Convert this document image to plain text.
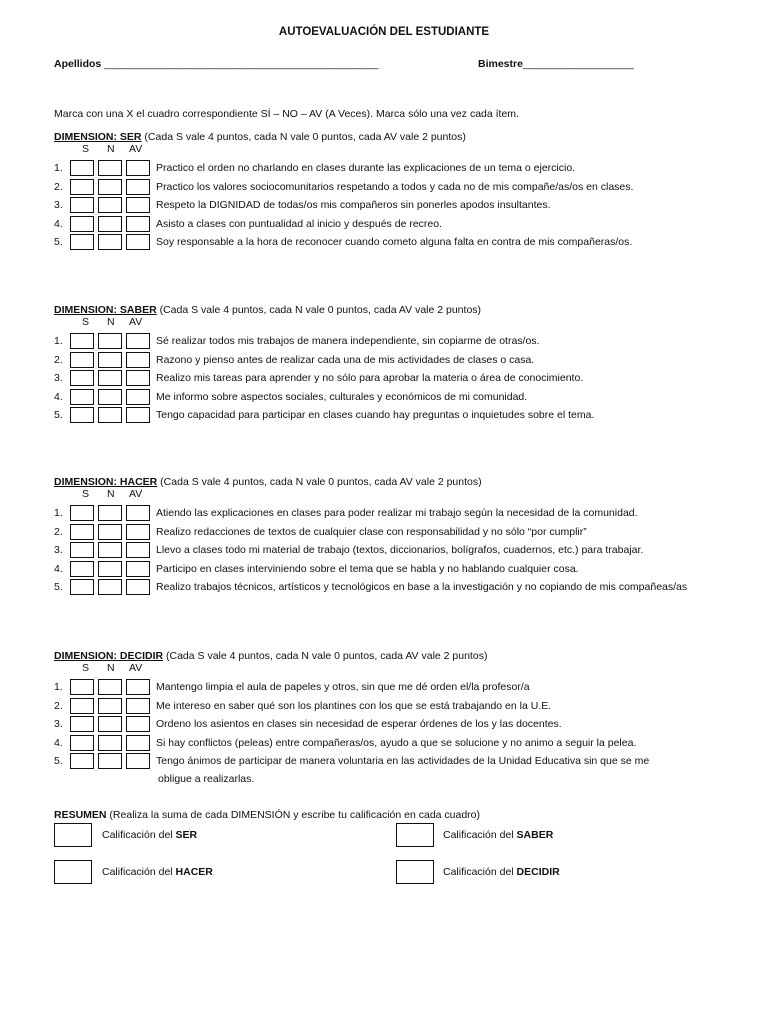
AUTOEVALUACIÓN DEL ESTUDIANTE
Apellidos _______________________________________________	Bimestre___________________
Marca con una X el cuadro correspondiente SÍ – NO – AV (A Veces). Marca sólo una vez cada ítem.
DIMENSION: SER (Cada S vale 4 puntos, cada N vale 0 puntos, cada AV vale 2 puntos)
S N AV
1.	Practico el orden no charlando en clases durante las explicaciones de un tema o ejercicio.
2.	Practico los valores sociocomunitarios respetando a todos y cada no de mis compañe/as/os en clases.
3.	Respeto la DIGNIDAD de todas/os mis compañeros sin ponerles apodos insultantes.
4.	Asisto a clases con puntualidad al inicio y después de recreo.
5.	Soy responsable a la hora de reconocer cuando cometo alguna falta en contra de mis compañeras/os.
DIMENSION: SABER (Cada S vale 4 puntos, cada N vale 0 puntos, cada AV vale 2 puntos)
S N AV
1.	Sé realizar todos mis trabajos de manera independiente, sin copiarme de otras/os.
2.	Razono y pienso antes de realizar cada una de mis actividades de clases o casa.
3.	Realizo mis tareas para aprender y no sólo para aprobar la materia o área de conocimiento.
4.	Me informo sobre aspectos sociales, culturales y económicos de mi comunidad.
5.	Tengo capacidad para participar en clases cuando hay preguntas o inquietudes sobre el tema.
DIMENSION: HACER (Cada S vale 4 puntos, cada N vale 0 puntos, cada AV vale 2 puntos)
S N AV
1.	Atiendo las explicaciones en clases para poder realizar mi trabajo según la necesidad de la comunidad.
2.	Realizo redacciones de textos de cualquier clase con responsabilidad y no sólo “por cumplir”
3.	Llevo a clases todo mi material de trabajo (textos, diccionarios, bolígrafos, cuadernos, etc.) para trabajar.
4.	Participo en clases interviniendo sobre el tema que se habla y no hablando cualquier cosa.
5.	Realizo trabajos técnicos, artísticos y tecnológicos en base a la investigación y no copiando de mis compañeas/as
DIMENSION: DECIDIR (Cada S vale 4 puntos, cada N vale 0 puntos, cada AV vale 2 puntos)
S N AV
1.	Mantengo limpia el aula de papeles y otros, sin que me dé orden el/la profesor/a
2.	Me intereso en saber qué son los plantines con los que se está trabajando en la U.E.
3.	Ordeno los asientos en clases sin necesidad de esperar órdenes de los y las docentes.
4.	Si hay conflictos (peleas) entre compañeras/os, ayudo a que se solucione y no animo a seguir la pelea.
5.	Tengo ánimos de participar de manera voluntaria en las actividades de la Unidad Educativa sin que se me
obligue a realizarlas.
RESUMEN (Realiza la suma de cada DIMENSIÓN y escribe tu calificación en cada cuadro)
Calificación del SER	Calificación del SABER
Calificación del HACER	Calificación del DECIDIR
